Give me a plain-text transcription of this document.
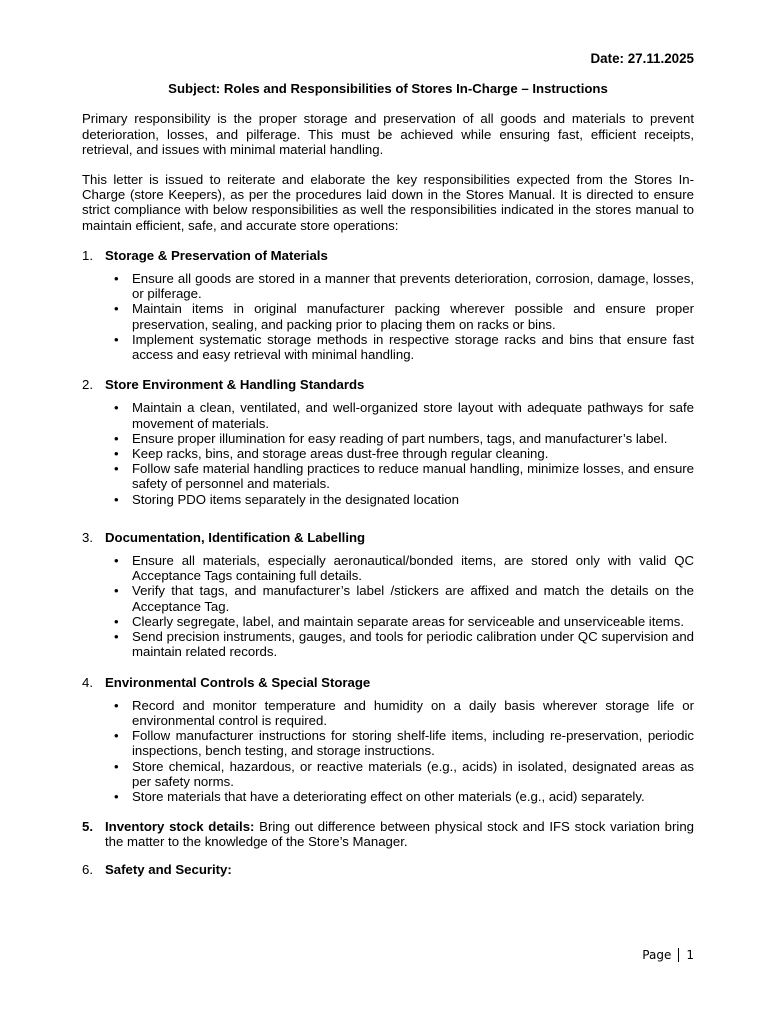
Date: 27.11.2025
Subject: Roles and Responsibilities of Stores In-Charge – Instructions

Primary responsibility is the proper storage and preservation of all goods and materials to prevent deterioration, losses, and pilferage. This must be achieved while ensuring fast, efficient receipts, retrieval, and issues with minimal material handling.

This letter is issued to reiterate and elaborate the key responsibilities expected from the Stores In-Charge (store Keepers), as per the procedures laid down in the Stores Manual. It is directed to ensure strict compliance with below responsibilities as well the responsibilities indicated in the stores manual to maintain efficient, safe, and accurate store operations:

1. Storage & Preservation of Materials
• Ensure all goods are stored in a manner that prevents deterioration, corrosion, damage, losses, or pilferage.
• Maintain items in original manufacturer packing wherever possible and ensure proper preservation, sealing, and packing prior to placing them on racks or bins.
• Implement systematic storage methods in respective storage racks and bins that ensure fast access and easy retrieval with minimal handling.
2. Store Environment & Handling Standards
• Maintain a clean, ventilated, and well-organized store layout with adequate pathways for safe movement of materials.
• Ensure proper illumination for easy reading of part numbers, tags, and manufacturer’s label.
• Keep racks, bins, and storage areas dust-free through regular cleaning.
• Follow safe material handling practices to reduce manual handling, minimize losses, and ensure safety of personnel and materials.
• Storing PDO items separately in the designated location
3. Documentation, Identification & Labelling
• Ensure all materials, especially aeronautical/bonded items, are stored only with valid QC Acceptance Tags containing full details.
• Verify that tags, and manufacturer’s label /stickers are affixed and match the details on the Acceptance Tag.
• Clearly segregate, label, and maintain separate areas for serviceable and unserviceable items.
• Send precision instruments, gauges, and tools for periodic calibration under QC supervision and maintain related records.
4. Environmental Controls & Special Storage
• Record and monitor temperature and humidity on a daily basis wherever storage life or environmental control is required.
• Follow manufacturer instructions for storing shelf-life items, including re-preservation, periodic inspections, bench testing, and storage instructions.
• Store chemical, hazardous, or reactive materials (e.g., acids) in isolated, designated areas as per safety norms.
• Store materials that have a deteriorating effect on other materials (e.g., acid) separately.
5. Inventory stock details: Bring out difference between physical stock and IFS stock variation bring the matter to the knowledge of the Store’s Manager.
6. Safety and Security:
Page 1
